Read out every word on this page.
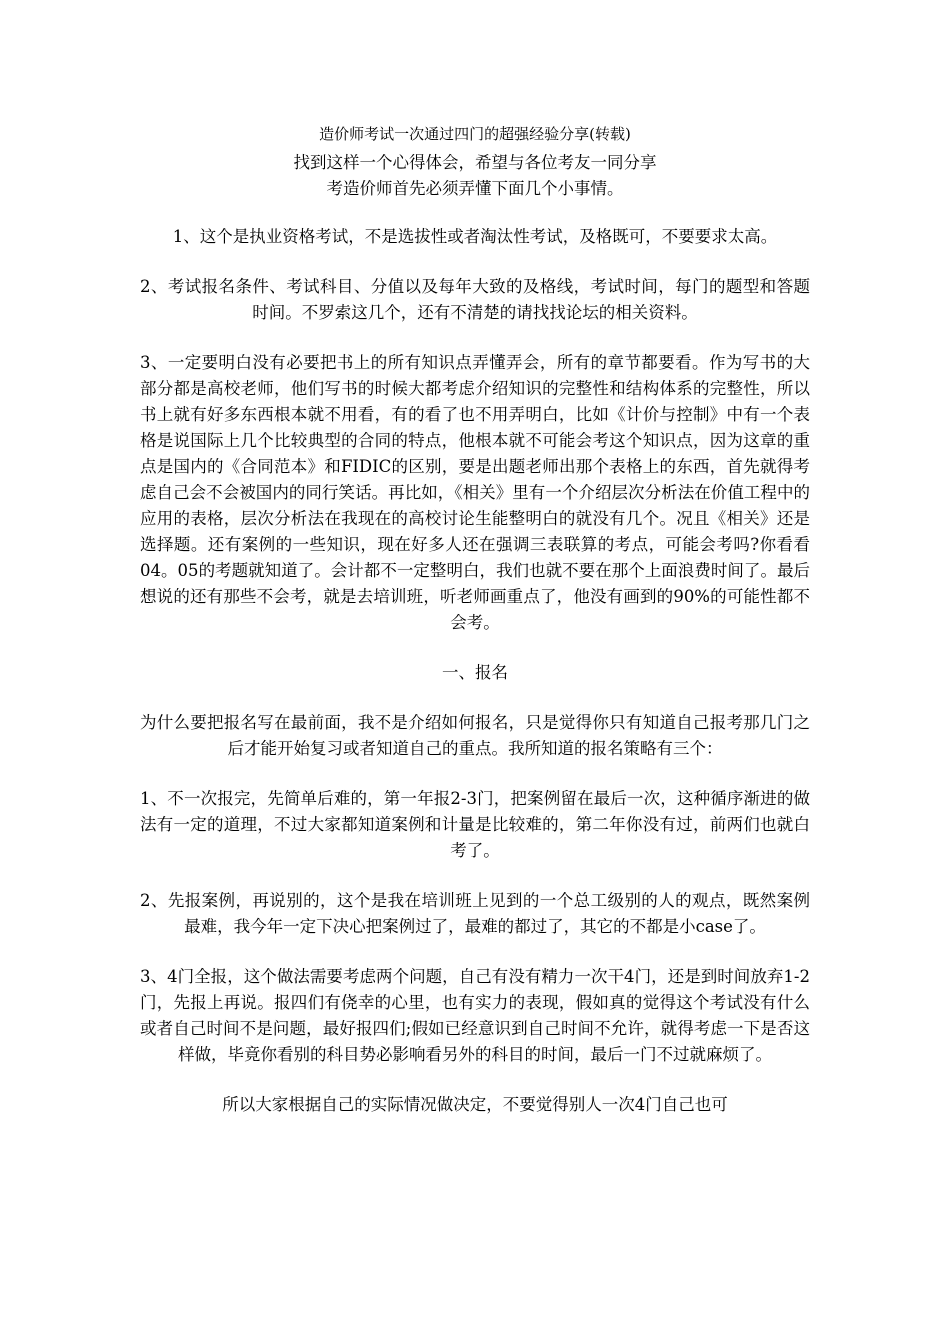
造价师考试一次通过四门的超强经验分享(转载)
找到这样一个心得体会，希望与各位考友一同分享
考造价师首先必须弄懂下面几个小事情。

1、这个是执业资格考试，不是选拔性或者淘汰性考试，及格既可，不要要求太高。

2、考试报名条件、考试科目、分值以及每年大致的及格线，考试时间，每门的题型和答题时间。不罗索这几个，还有不清楚的请找找论坛的相关资料。

3、一定要明白没有必要把书上的所有知识点弄懂弄会，所有的章节都要看。作为写书的大部分都是高校老师，他们写书的时候大都考虑介绍知识的完整性和结构体系的完整性，所以书上就有好多东西根本就不用看，有的看了也不用弄明白，比如《计价与控制》中有一个表格是说国际上几个比较典型的合同的特点，他根本就不可能会考这个知识点，因为这章的重点是国内的《合同范本》和FIDIC的区别，要是出题老师出那个表格上的东西，首先就得考虑自己会不会被国内的同行笑话。再比如，《相关》里有一个介绍层次分析法在价值工程中的应用的表格，层次分析法在我现在的高校讨论生能整明白的就没有几个。况且《相关》还是选择题。还有案例的一些知识，现在好多人还在强调三表联算的考点，可能会考吗?你看看04。05的考题就知道了。会计都不一定整明白，我们也就不要在那个上面浪费时间了。最后想说的还有那些不会考，就是去培训班，听老师画重点了，他没有画到的90%的可能性都不会考。

一、报名

为什么要把报名写在最前面，我不是介绍如何报名，只是觉得你只有知道自己报考那几门之后才能开始复习或者知道自己的重点。我所知道的报名策略有三个：

1、不一次报完，先简单后难的，第一年报2-3门，把案例留在最后一次，这种循序渐进的做法有一定的道理，不过大家都知道案例和计量是比较难的，第二年你没有过，前两们也就白考了。

2、先报案例，再说别的，这个是我在培训班上见到的一个总工级别的人的观点，既然案例最难，我今年一定下决心把案例过了，最难的都过了，其它的不都是小case了。

3、4门全报，这个做法需要考虑两个问题，自己有没有精力一次干4门，还是到时间放弃1-2门，先报上再说。报四们有侥幸的心里，也有实力的表现，假如真的觉得这个考试没有什么或者自己时间不是问题，最好报四们;假如已经意识到自己时间不允许，就得考虑一下是否这样做，毕竟你看别的科目势必影响看另外的科目的时间，最后一门不过就麻烦了。

所以大家根据自己的实际情况做决定，不要觉得别人一次4门自己也可
